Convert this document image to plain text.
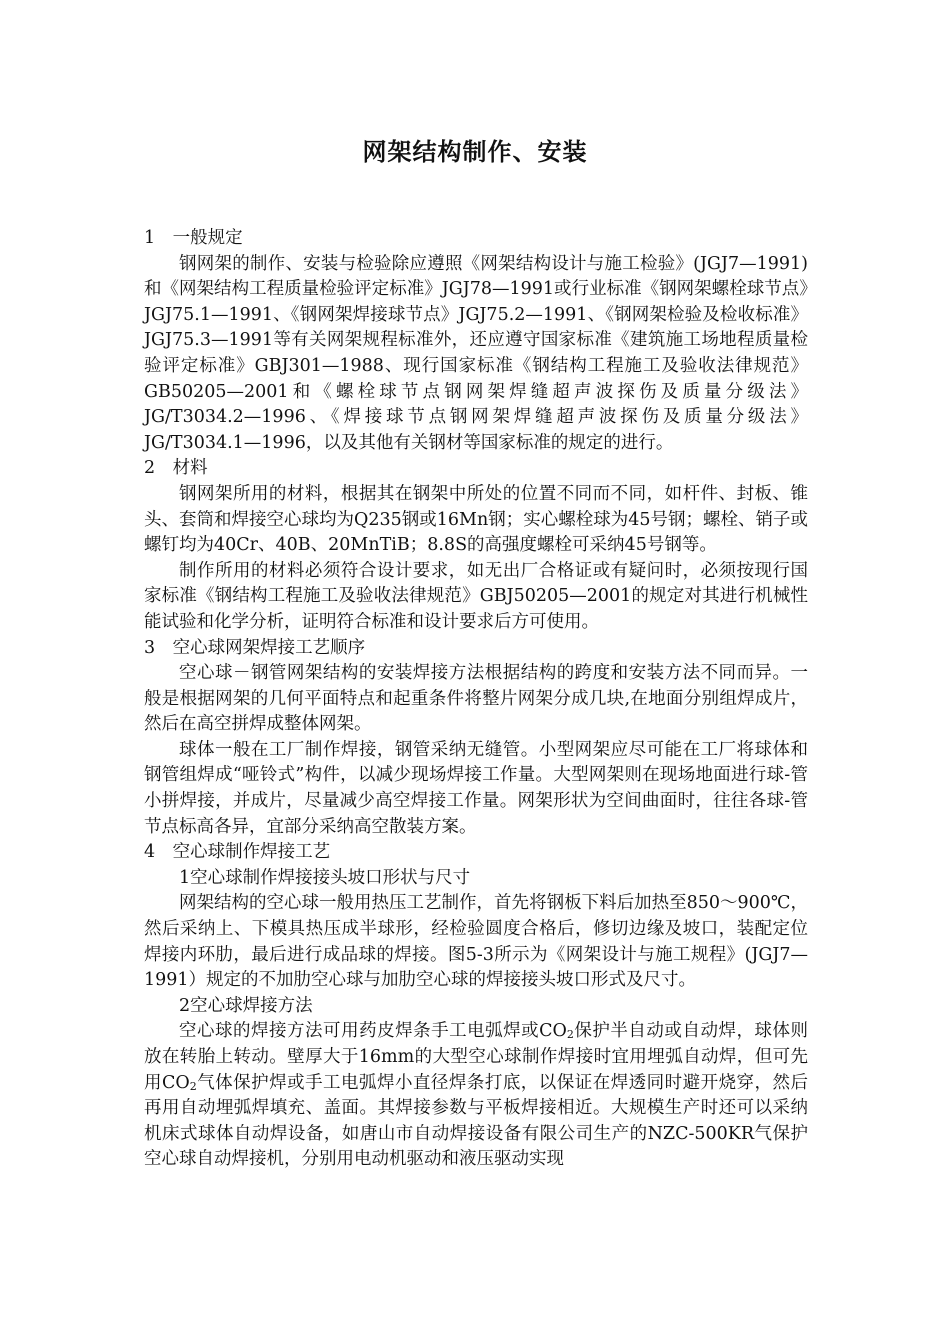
网架结构制作、安装

1　一般规定

钢网架的制作、安装与检验除应遵照《网架结构设计与施工检验》(JGJ7—1991)和《网架结构工程质量检验评定标准》JGJ78—1991或行业标准《钢网架螺栓球节点》JGJ75.1—1991、《钢网架焊接球节点》JGJ75.2—1991、《钢网架检验及检收标准》JGJ75.3—1991等有关网架规程标准外，还应遵守国家标准《建筑施工场地程质量检验评定标准》GBJ301—1988、现行国家标准《钢结构工程施工及验收法律规范》GB50205—2001和《螺栓球节点钢网架焊缝超声波探伤及质量分级法》JG/T3034.2—1996、《焊接球节点钢网架焊缝超声波探伤及质量分级法》JG/T3034.1—1996，以及其他有关钢材等国家标准的规定的进行。

2　材料

钢网架所用的材料，根据其在钢架中所处的位置不同而不同，如杆件、封板、锥头、套筒和焊接空心球均为Q235钢或16Mn钢；实心螺栓球为45号钢；螺栓、销子或螺钉均为40Cr、40B、20MnTiB；8.8S的高强度螺栓可采纳45号钢等。

制作所用的材料必须符合设计要求，如无出厂合格证或有疑问时，必须按现行国家标准《钢结构工程施工及验收法律规范》GBJ50205—2001的规定对其进行机械性能试验和化学分析，证明符合标准和设计要求后方可使用。

3　空心球网架焊接工艺顺序

空心球－钢管网架结构的安装焊接方法根据结构的跨度和安装方法不同而异。一般是根据网架的几何平面特点和起重条件将整片网架分成几块,在地面分别组焊成片，然后在高空拼焊成整体网架。

球体一般在工厂制作焊接，钢管采纳无缝管。小型网架应尽可能在工厂将球体和钢管组焊成“哑铃式”构件，以减少现场焊接工作量。大型网架则在现场地面进行球-管小拼焊接，并成片，尽量减少高空焊接工作量。网架形状为空间曲面时，往往各球-管节点标高各异，宜部分采纳高空散装方案。

4　空心球制作焊接工艺

1空心球制作焊接接头坡口形状与尺寸

网架结构的空心球一般用热压工艺制作，首先将钢板下料后加热至850～900℃，然后采纳上、下模具热压成半球形，经检验圆度合格后，修切边缘及坡口，装配定位焊接内环肋，最后进行成品球的焊接。图5-3所示为《网架设计与施工规程》(JGJ7—1991）规定的不加肋空心球与加肋空心球的焊接接头坡口形式及尺寸。

2空心球焊接方法

空心球的焊接方法可用药皮焊条手工电弧焊或$CO_2$保护半自动或自动焊，球体则放在转胎上转动。壁厚大于16mm的大型空心球制作焊接时宜用埋弧自动焊，但可先用$CO_2$气体保护焊或手工电弧焊小直径焊条打底，以保证在焊透同时避开烧穿，然后再用自动埋弧焊填充、盖面。其焊接参数与平板焊接相近。大规模生产时还可以采纳机床式球体自动焊设备，如唐山市自动焊接设备有限公司生产的NZC-500KR气保护空心球自动焊接机，分别用电动机驱动和液压驱动实现
